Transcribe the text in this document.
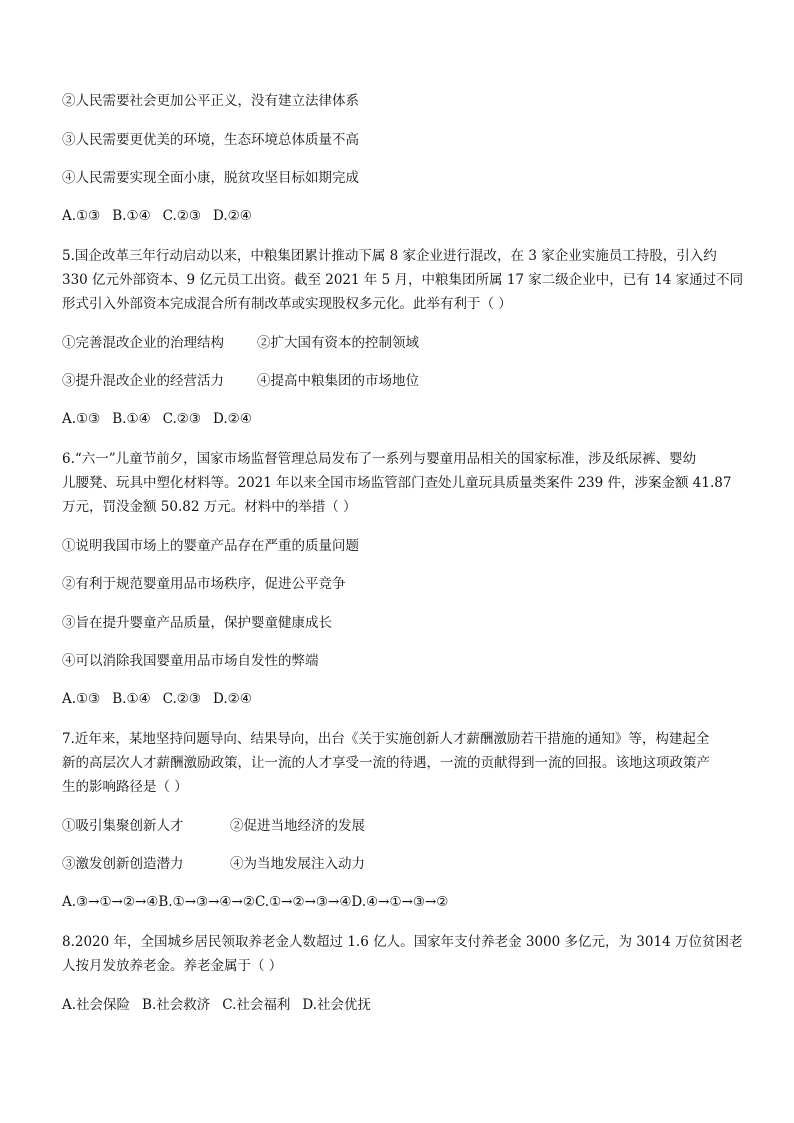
②人民需要社会更加公平正义，没有建立法律体系
③人民需要更优美的环境，生态环境总体质量不高
④人民需要实现全面小康，脱贫攻坚目标如期完成
A.①③ B.①④ C.②③ D.②④
5.国企改革三年行动启动以来，中粮集团累计推动下属 8 家企业进行混改，在 3 家企业实施员工持股，引入约
330 亿元外部资本、9 亿元员工出资。截至 2021 年 5 月，中粮集团所属 17 家二级企业中，已有 14 家通过不同
形式引入外部资本完成混合所有制改革或实现股权多元化。此举有利于（ ）
①完善混改企业的治理结构 ②扩大国有资本的控制领域
③提升混改企业的经营活力 ④提高中粮集团的市场地位
A.①③ B.①④ C.②③ D.②④
6.“六一”儿童节前夕，国家市场监督管理总局发布了一系列与婴童用品相关的国家标准，涉及纸尿裤、婴幼
儿腰凳、玩具中塑化材料等。2021 年以来全国市场监管部门查处儿童玩具质量类案件 239 件，涉案金额 41.87
万元，罚没金额 50.82 万元。材料中的举措（ ）
①说明我国市场上的婴童产品存在严重的质量问题
②有利于规范婴童用品市场秩序，促进公平竞争
③旨在提升婴童产品质量，保护婴童健康成长
④可以消除我国婴童用品市场自发性的弊端
A.①③ B.①④ C.②③ D.②④
7.近年来，某地坚持问题导向、结果导向，出台《关于实施创新人才薪酬激励若干措施的通知》等，构建起全
新的高层次人才薪酬激励政策，让一流的人才享受一流的待遇，一流的贡献得到一流的回报。该地这项政策产
生的影响路径是（ ）
①吸引集聚创新人才	②促进当地经济的发展
③激发创新创造潜力	④为当地发展注入动力
A.③→①→②→④B.①→③→④→②C.①→②→③→④D.④→①→③→②
8.2020 年，全国城乡居民领取养老金人数超过 1.6 亿人。国家年支付养老金 3000 多亿元，为 3014 万位贫困老
人按月发放养老金。养老金属于（ ）
A.社会保险 B.社会救济 C.社会福利 D.社会优抚
